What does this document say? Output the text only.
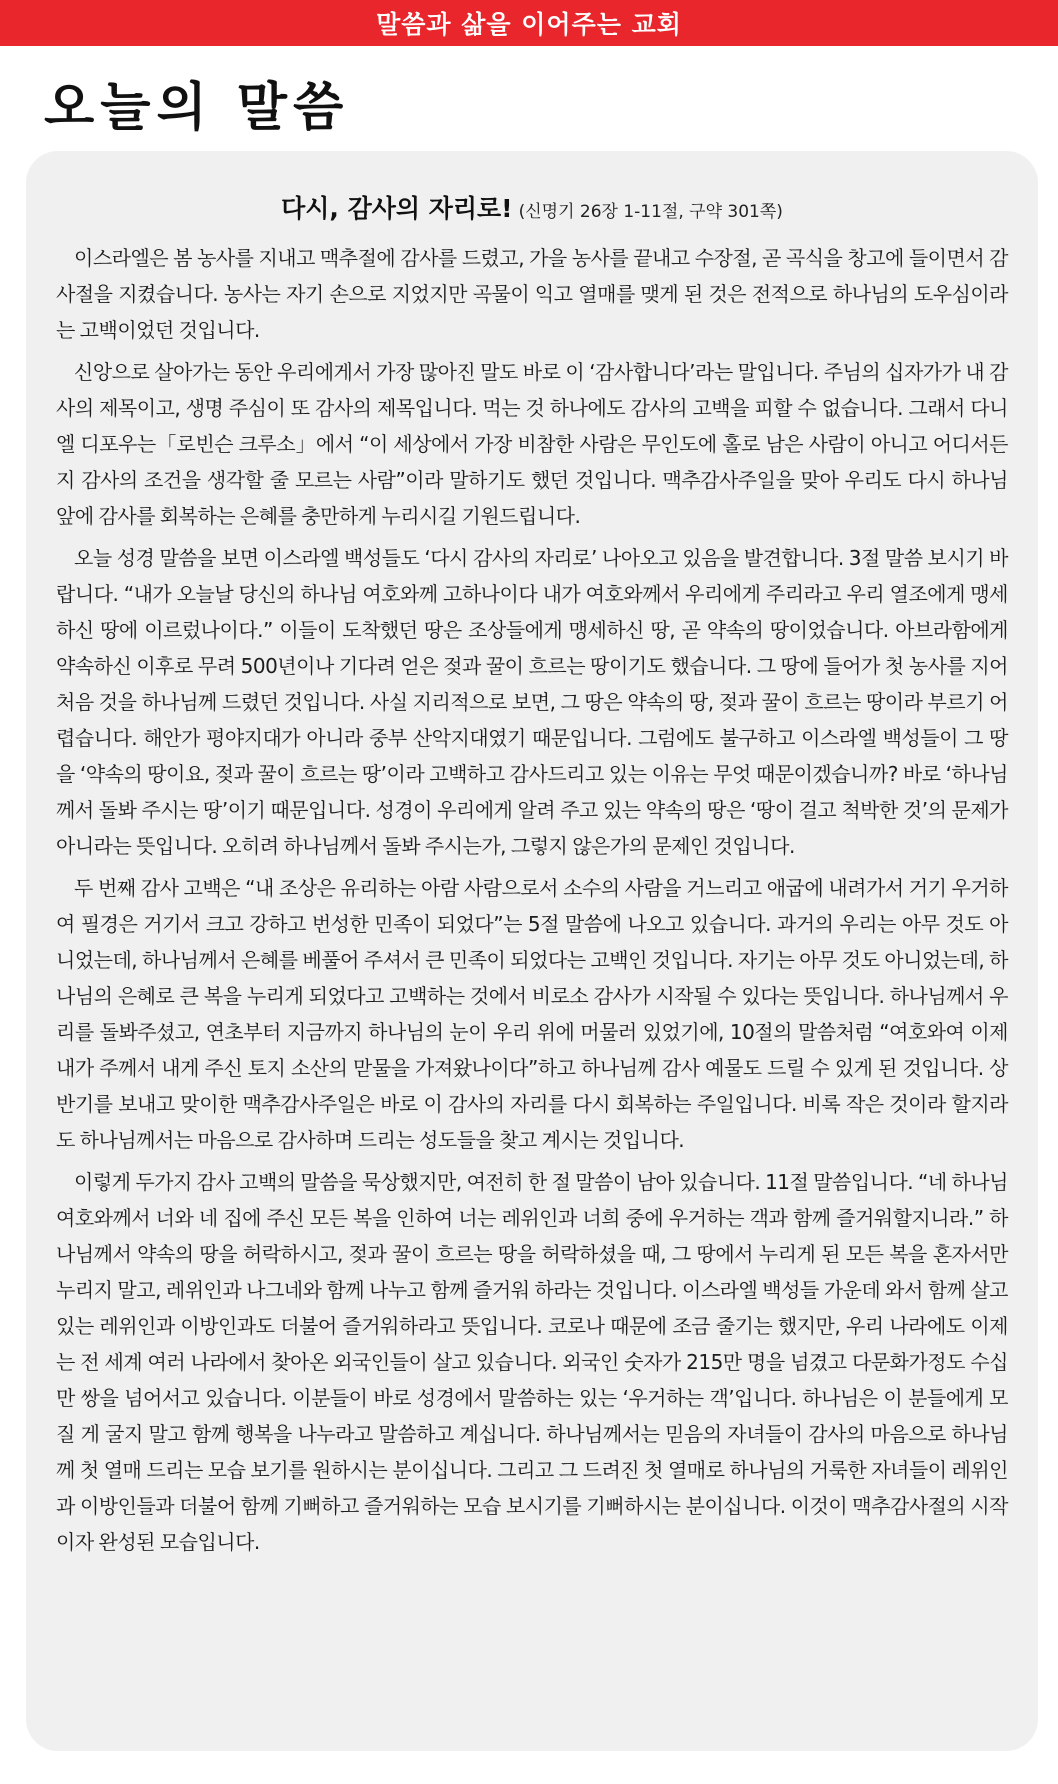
말씀과 삶을 이어주는 교회
오늘의 말씀
다시, 감사의 자리로! (신명기 26장 1-11절, 구약 301쪽)

이스라엘은 봄 농사를 지내고 맥추절에 감사를 드렸고, 가을 농사를 끝내고 수장절, 곧 곡식을 창고에 들이면서 감사절을 지켰습니다. 농사는 자기 손으로 지었지만 곡물이 익고 열매를 맺게 된 것은 전적으로 하나님의 도우심이라는 고백이었던 것입니다.

신앙으로 살아가는 동안 우리에게서 가장 많아진 말도 바로 이 ‘감사합니다’라는 말입니다. 주님의 십자가가 내 감사의 제목이고, 생명 주심이 또 감사의 제목입니다. 먹는 것 하나에도 감사의 고백을 피할 수 없습니다. 그래서 다니엘 디포우는「로빈슨 크루소」에서 “이 세상에서 가장 비참한 사람은 무인도에 홀로 남은 사람이 아니고 어디서든지 감사의 조건을 생각할 줄 모르는 사람”이라 말하기도 했던 것입니다. 맥추감사주일을 맞아 우리도 다시 하나님 앞에 감사를 회복하는 은혜를 충만하게 누리시길 기원드립니다.

오늘 성경 말씀을 보면 이스라엘 백성들도 ‘다시 감사의 자리로’ 나아오고 있음을 발견합니다. 3절 말씀 보시기 바랍니다. “내가 오늘날 당신의 하나님 여호와께 고하나이다 내가 여호와께서 우리에게 주리라고 우리 열조에게 맹세하신 땅에 이르렀나이다.” 이들이 도착했던 땅은 조상들에게 맹세하신 땅, 곧 약속의 땅이었습니다. 아브라함에게 약속하신 이후로 무려 500년이나 기다려 얻은 젖과 꿀이 흐르는 땅이기도 했습니다. 그 땅에 들어가 첫 농사를 지어 처음 것을 하나님께 드렸던 것입니다. 사실 지리적으로 보면, 그 땅은 약속의 땅, 젖과 꿀이 흐르는 땅이라 부르기 어렵습니다. 해안가 평야지대가 아니라 중부 산악지대였기 때문입니다. 그럼에도 불구하고 이스라엘 백성들이 그 땅을 ‘약속의 땅이요, 젖과 꿀이 흐르는 땅’이라 고백하고 감사드리고 있는 이유는 무엇 때문이겠습니까? 바로 ‘하나님께서 돌봐 주시는 땅’이기 때문입니다. 성경이 우리에게 알려 주고 있는 약속의 땅은 ‘땅이 걸고 척박한 것’의 문제가 아니라는 뜻입니다. 오히려 하나님께서 돌봐 주시는가, 그렇지 않은가의 문제인 것입니다.

두 번째 감사 고백은 “내 조상은 유리하는 아람 사람으로서 소수의 사람을 거느리고 애굽에 내려가서 거기 우거하여 필경은 거기서 크고 강하고 번성한 민족이 되었다”는 5절 말씀에 나오고 있습니다. 과거의 우리는 아무 것도 아니었는데, 하나님께서 은혜를 베풀어 주셔서 큰 민족이 되었다는 고백인 것입니다. 자기는 아무 것도 아니었는데, 하나님의 은혜로 큰 복을 누리게 되었다고 고백하는 것에서 비로소 감사가 시작될 수 있다는 뜻입니다. 하나님께서 우리를 돌봐주셨고, 연초부터 지금까지 하나님의 눈이 우리 위에 머물러 있었기에, 10절의 말씀처럼 “여호와여 이제 내가 주께서 내게 주신 토지 소산의 맏물을 가져왔나이다”하고 하나님께 감사 예물도 드릴 수 있게 된 것입니다. 상반기를 보내고 맞이한 맥추감사주일은 바로 이 감사의 자리를 다시 회복하는 주일입니다. 비록 작은 것이라 할지라도 하나님께서는 마음으로 감사하며 드리는 성도들을 찾고 계시는 것입니다.

이렇게 두가지 감사 고백의 말씀을 묵상했지만, 여전히 한 절 말씀이 남아 있습니다. 11절 말씀입니다. “네 하나님 여호와께서 너와 네 집에 주신 모든 복을 인하여 너는 레위인과 너희 중에 우거하는 객과 함께 즐거워할지니라.” 하나님께서 약속의 땅을 허락하시고, 젖과 꿀이 흐르는 땅을 허락하셨을 때, 그 땅에서 누리게 된 모든 복을 혼자서만 누리지 말고, 레위인과 나그네와 함께 나누고 함께 즐거워 하라는 것입니다. 이스라엘 백성들 가운데 와서 함께 살고 있는 레위인과 이방인과도 더불어 즐거워하라고 뜻입니다. 코로나 때문에 조금 줄기는 했지만, 우리 나라에도 이제는 전 세계 여러 나라에서 찾아온 외국인들이 살고 있습니다. 외국인 숫자가 215만 명을 넘겼고 다문화가정도 수십만 쌍을 넘어서고 있습니다. 이분들이 바로 성경에서 말씀하는 있는 ‘우거하는 객’입니다. 하나님은 이 분들에게 모질 게 굴지 말고 함께 행복을 나누라고 말씀하고 계십니다. 하나님께서는 믿음의 자녀들이 감사의 마음으로 하나님께 첫 열매 드리는 모습 보기를 원하시는 분이십니다. 그리고 그 드려진 첫 열매로 하나님의 거룩한 자녀들이 레위인과 이방인들과 더불어 함께 기뻐하고 즐거워하는 모습 보시기를 기뻐하시는 분이십니다. 이것이 맥추감사절의 시작이자 완성된 모습입니다.
